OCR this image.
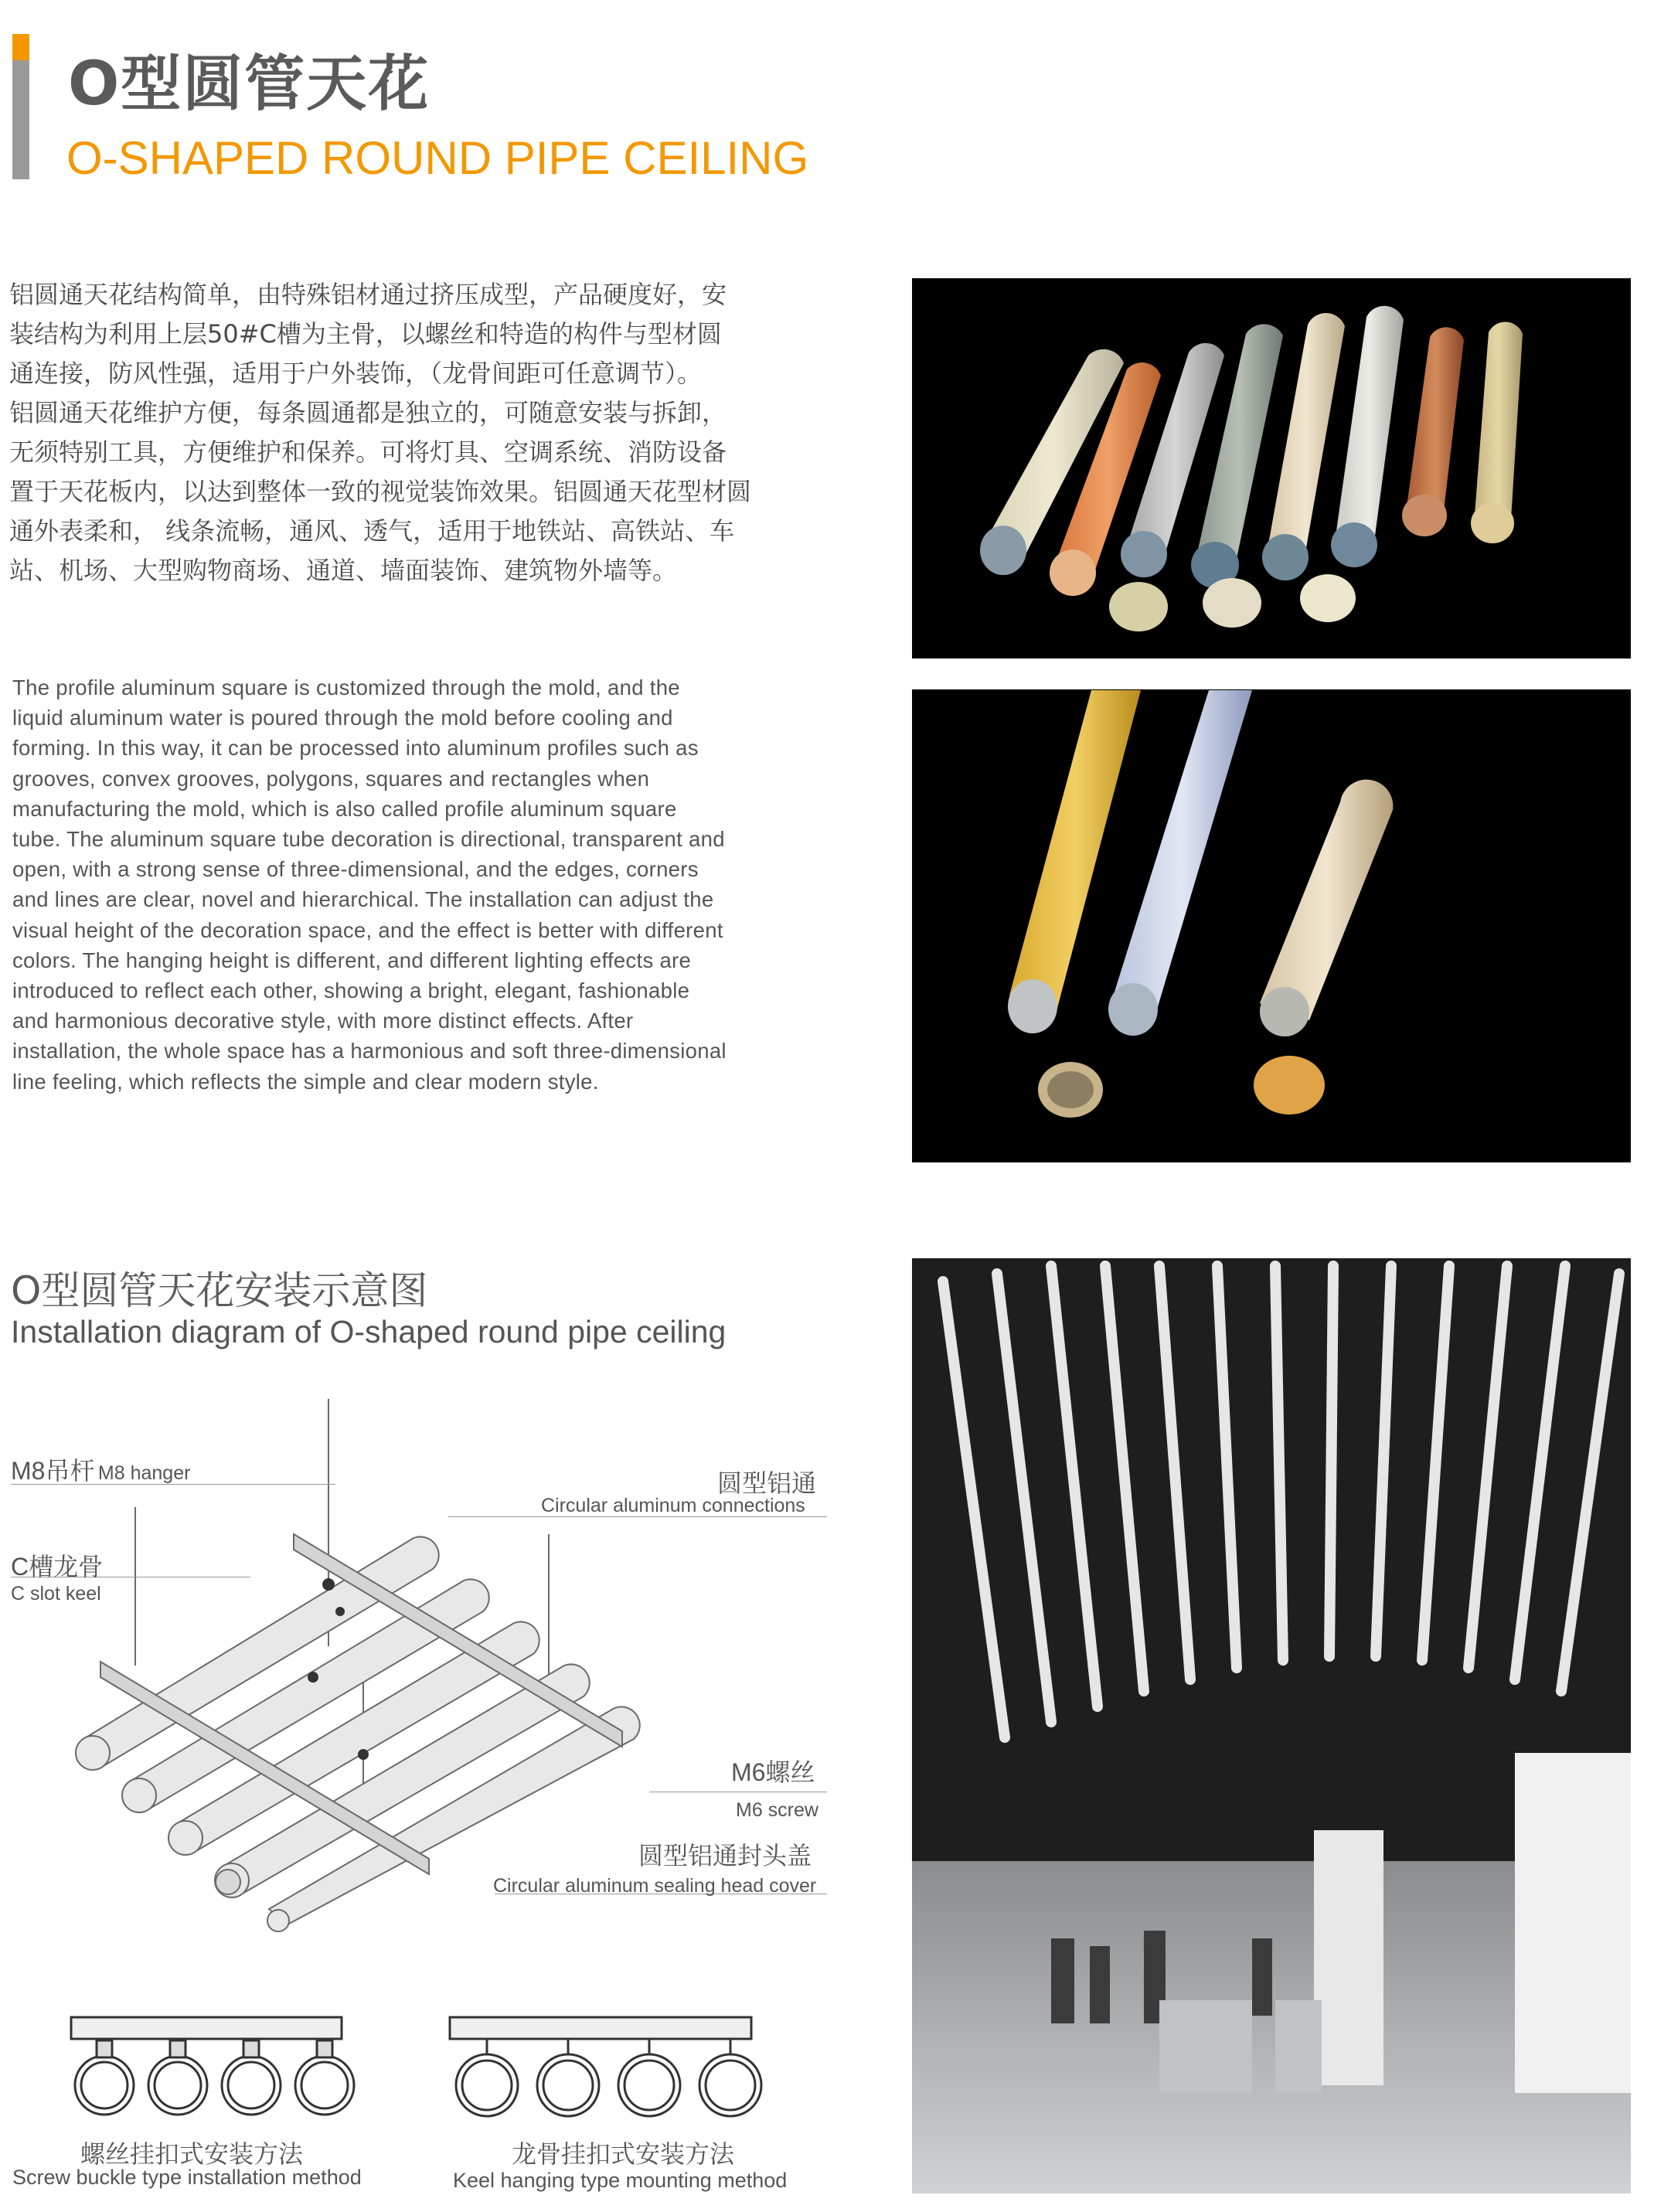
O型圆管天花
O-SHAPED ROUND PIPE CEILING
铝圆通天花结构简单，由特殊铝材通过挤压成型，产品硬度好，安
装结构为利用上层50#C槽为主骨，以螺丝和特造的构件与型材圆
通连接，防风性强，适用于户外装饰，（龙骨间距可任意调节）。
铝圆通天花维护方便，每条圆通都是独立的，可随意安装与拆卸，
无须特别工具，方便维护和保养。可将灯具、空调系统、消防设备
置于天花板内，以达到整体一致的视觉装饰效果。铝圆通天花型材圆
通外表柔和， 线条流畅，通风、透气，适用于地铁站、高铁站、车
站、机场、大型购物商场、通道、墙面装饰、建筑物外墙等。
The profile aluminum square is customized through the mold, and the
liquid aluminum water is poured through the mold before cooling and
forming. In this way, it can be processed into aluminum profiles such as
grooves, convex grooves, polygons, squares and rectangles when
manufacturing the mold, which is also called profile aluminum square
tube. The aluminum square tube decoration is directional, transparent and
open, with a strong sense of three-dimensional, and the edges, corners
and lines are clear, novel and hierarchical. The installation can adjust the
visual height of the decoration space, and the effect is better with different
colors. The hanging height is different, and different lighting effects are
introduced to reflect each other, showing a bright, elegant, fashionable
and harmonious decorative style, with more distinct effects. After
installation, the whole space has a harmonious and soft three-dimensional
line feeling, which reflects the simple and clear modern style.
O型圆管天花安装示意图
Installation diagram of O-shaped round pipe ceiling
M8吊杆 M8 hanger
C槽龙骨
C slot keel
圆型铝通
Circular aluminum connections
M6螺丝
M6 screw
圆型铝通封头盖
Circular aluminum sealing head cover
螺丝挂扣式安装方法
Screw buckle type installation method
龙骨挂扣式安装方法
Keel hanging type mounting method
